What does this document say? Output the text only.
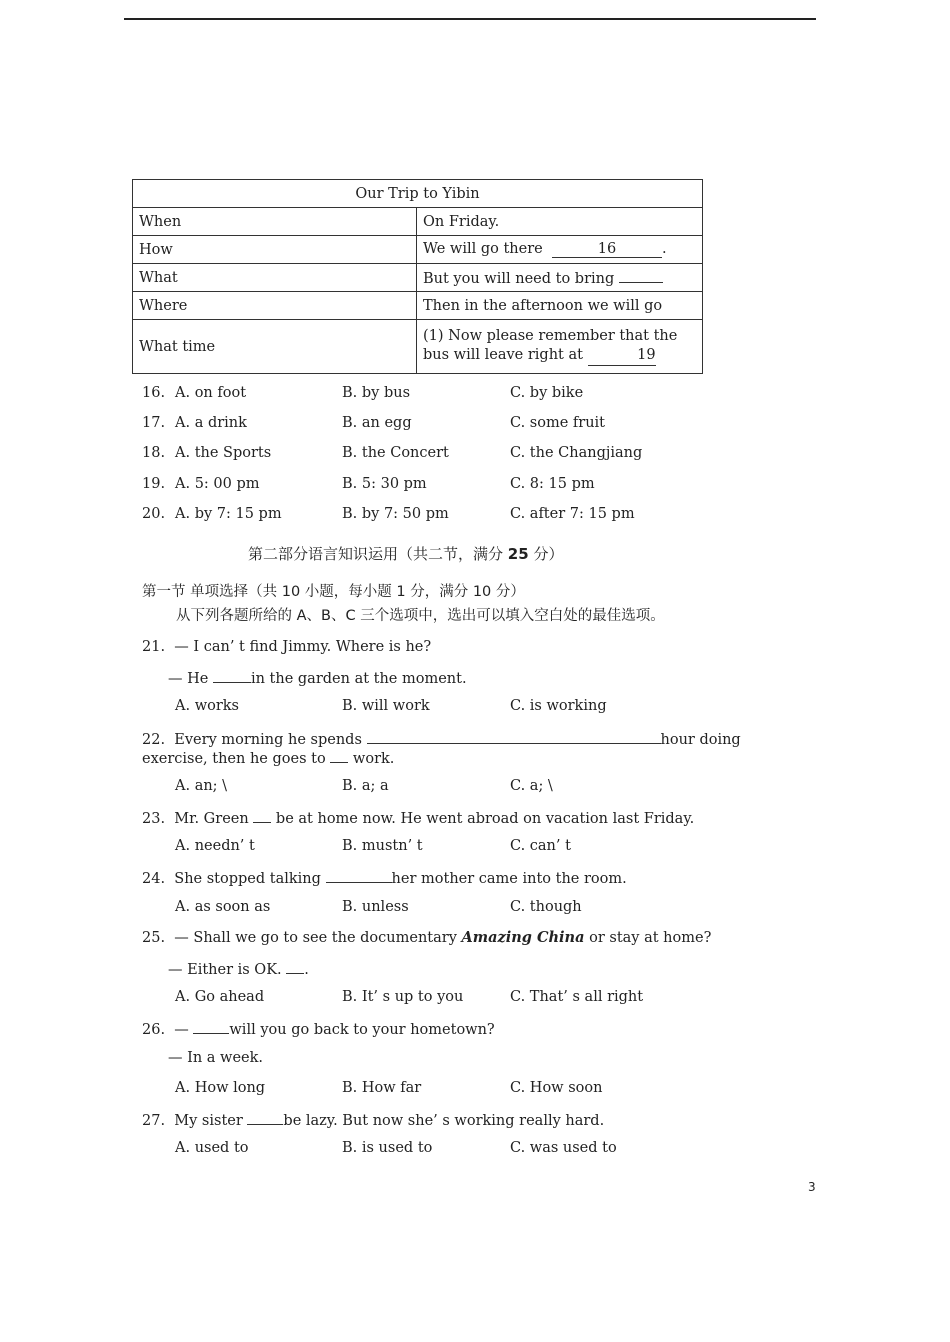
Our Trip to Yibin	
When	On Friday.
How	We will go there 16 .
What	But you will need to bring
Where	Then in the afternoon we will go
What time	(1) Now please remember that the
bus will leave right at 19
16. A. on foot	B. by bus	C. by bike
17. A. a drink	B. an egg	C. some fruit
18. A. the Sports	B. the Concert	C. the Changjiang
19. A. 5: 00 pm	B. 5: 30 pm	C. 8: 15 pm
20. A. by 7: 15 pm	B. by 7: 50 pm	C. after 7: 15 pm
第二部分语言知识运用（共二节，满分 25 分）
第一节 单项选择（共 10 小题，每小题 1 分，满分 10 分）
从下列各题所给的 A、B、C 三个选项中，选出可以填入空白处的最佳选项。
21. — I can’ t find Jimmy. Where is he?
— He	in the garden at the moment.
A. works	B. will work	C. is working
22. Every morning he spends	hour doing
exercise, then he goes to  work.
A. an; \	B. a; a	C. a; \
23. Mr. Green  be at home now. He went abroad on vacation last Friday.
A. needn’ t	B. mustn’ t	C. can’ t
24. She stopped talking	her mother came into the room.
A. as soon as	B. unless	C. though
25. — Shall we go to see the documentary Amazing China or stay at home?
— Either is OK. .
A. Go ahead	B. It’ s up to you	C. That’ s all right
26. — will you go back to your hometown?
— In a week.
A. How long	B. How far	C. How soon
27. My sister be lazy. But now she’ s working really hard.
A. used to	B. is used to	C. was used to
3
